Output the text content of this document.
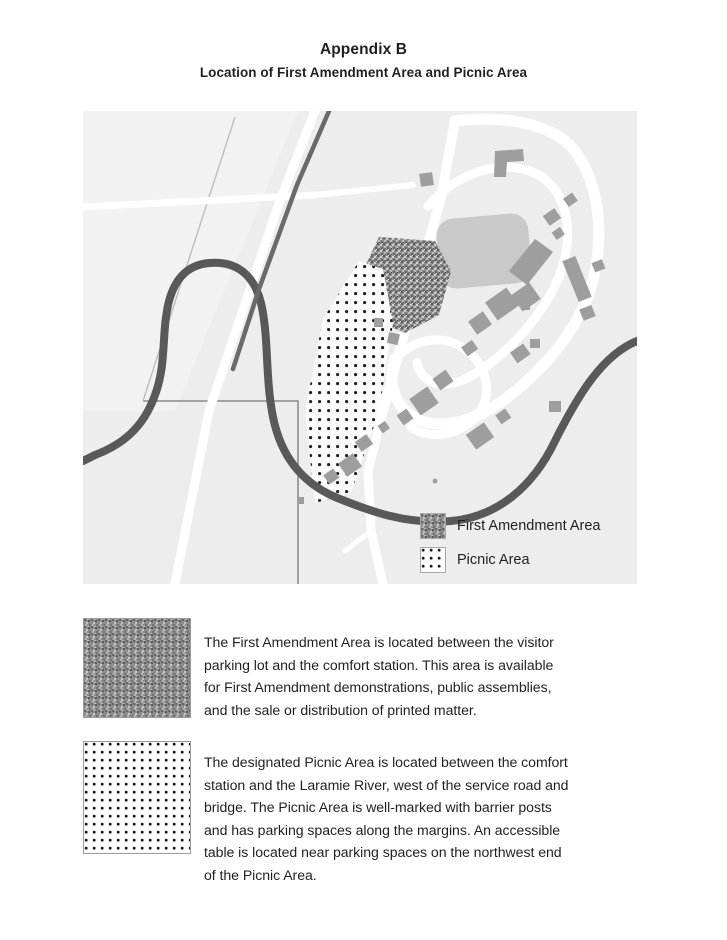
Appendix B
Location of First Amendment Area and Picnic Area
First Amendment Area
Picnic Area
The First Amendment Area is located between the visitor parking lot and the comfort station. This area is available for First Amendment demonstrations, public assemblies, and the sale or distribution of printed matter.
The designated Picnic Area is located between the comfort station and the Laramie River, west of the service road and bridge. The Picnic Area is well-marked with barrier posts and has parking spaces along the margins. An accessible table is located near parking spaces on the northwest end of the Picnic Area.
